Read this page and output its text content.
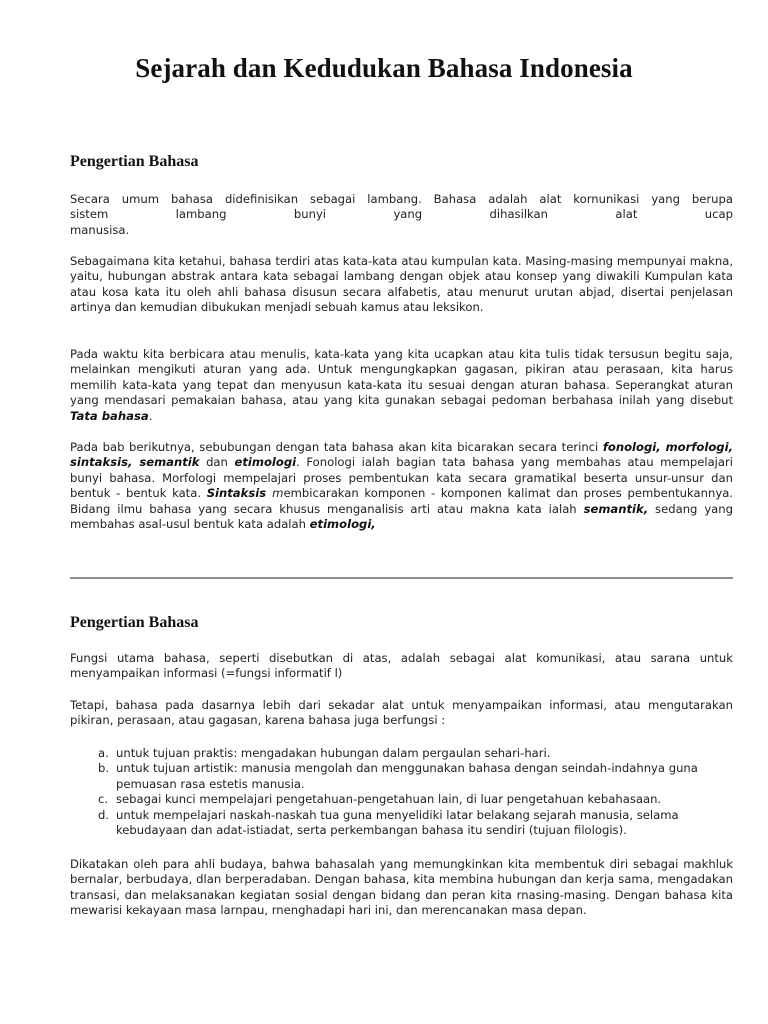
Sejarah dan Kedudukan Bahasa Indonesia
Pengertian Bahasa
Secara umum bahasa didefinisikan sebagai lambang. Bahasa adalah alat kornunikasi yang berupa
sistem lambang bunyi yang dihasilkan alat ucap
manusisa.

Sebagaimana kita ketahui, bahasa terdiri atas kata-kata atau kumpulan kata. Masing-masing mempunyai makna, yaitu, hubungan abstrak antara kata sebagai lambang dengan objek atau konsep yang diwakili Kumpulan kata atau kosa kata itu oleh ahli bahasa disusun secara alfabetis, atau menurut urutan abjad, disertai penjelasan artinya dan kemudian dibukukan menjadi sebuah kamus atau leksikon.

Pada waktu kita berbicara atau menulis, kata-kata yang kita ucapkan atau kita tulis tidak tersusun begitu saja, melainkan mengikuti aturan yang ada. Untuk mengungkapkan gagasan, pikiran atau perasaan, kita harus memilih kata-kata yang tepat dan menyusun kata-kata itu sesuai dengan aturan bahasa. Seperangkat aturan yang mendasari pemakaian bahasa, atau yang kita gunakan sebagai pedoman berbahasa inilah yang disebut Tata bahasa.

Pada bab berikutnya, sebubungan dengan tata bahasa akan kita bicarakan secara terinci fonologi, morfologi, sintaksis, semantik dan etimologi. Fonologi ialah bagian tata bahasa yang membahas atau mempelajari bunyi bahasa. Morfologi mempelajari proses pembentukan kata secara gramatikal beserta unsur-unsur dan bentuk - bentuk kata. Sintaksis membicarakan komponen - komponen kalimat dan proses pembentukannya. Bidang ilmu bahasa yang secara khusus menganalisis arti atau makna kata ialah semantik, sedang yang membahas asal-usul bentuk kata adalah etimologi,

Pengertian Bahasa

Fungsi utama bahasa, seperti disebutkan di atas, adalah sebagai alat komunikasi, atau sarana untuk menyampaikan informasi (=fungsi informatif l)

Tetapi, bahasa pada dasarnya lebih dari sekadar alat untuk menyampaikan informasi, atau mengutarakan pikiran, perasaan, atau gagasan, karena bahasa juga berfungsi :

a. untuk tujuan praktis: mengadakan hubungan dalam pergaulan sehari-hari.
b. untuk tujuan artistik: manusia mengolah dan menggunakan bahasa dengan seindah-indahnya guna pemuasan rasa estetis manusia.
c. sebagai kunci mempelajari pengetahuan-pengetahuan lain, di luar pengetahuan kebahasaan.
d. untuk mempelajari naskah-naskah tua guna menyelidiki latar belakang sejarah manusia, selama kebudayaan dan adat-istiadat, serta perkembangan bahasa itu sendiri (tujuan filologis).

Dikatakan oleh para ahli budaya, bahwa bahasalah yang memungkinkan kita membentuk diri sebagai makhluk bernalar, berbudaya, dlan berperadaban. Dengan bahasa, kita membina hubungan dan kerja sama, mengadakan transasi, dan melaksanakan kegiatan sosial dengan bidang dan peran kita rnasing-masing. Dengan bahasa kita mewarisi kekayaan masa larnpau, rnenghadapi hari ini, dan merencanakan masa depan.
